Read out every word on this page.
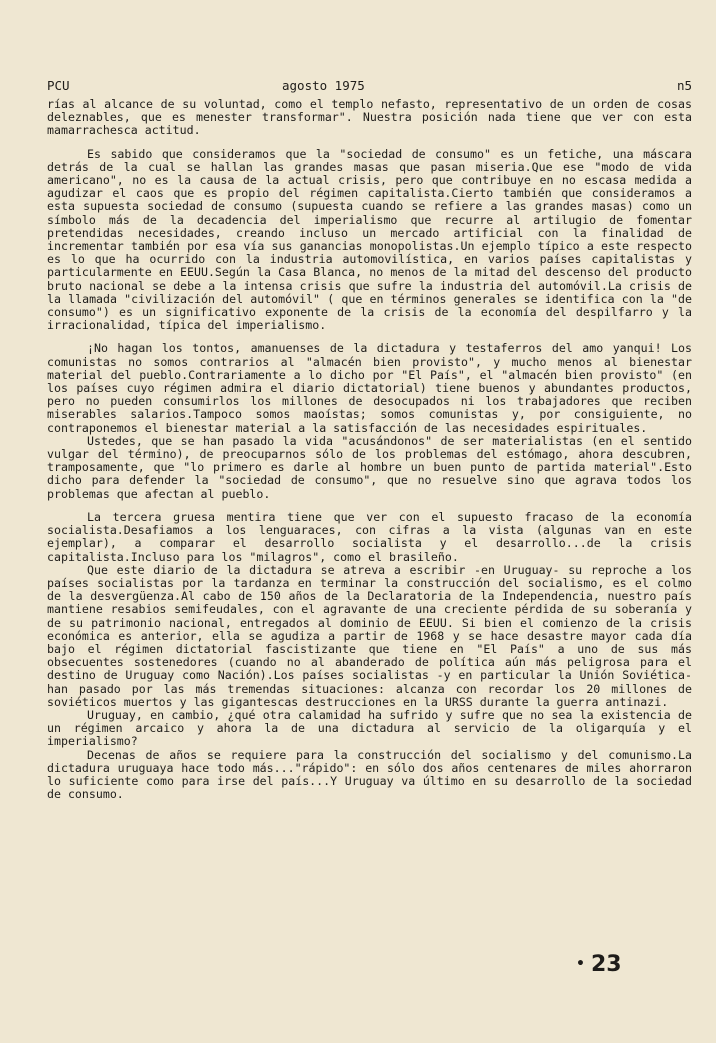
PCU	agosto 1975	n5

rías al alcance de su voluntad, como el templo nefasto, representativo de un orden de cosas deleznables, que es menester transformar". Nuestra posición nada tiene que ver con esta mamarrachesca actitud.

Es sabido que consideramos que la "sociedad de consumo" es un fetiche, una máscara detrás de la cual se hallan las grandes masas que pasan miseria.Que ese "modo de vida americano", no es la causa de la actual crisis, pero que contribuye en no escasa medida a agudizar el caos que es propio del régimen capitalista.Cierto también que consideramos a esta supuesta sociedad de consumo (supuesta cuando se refiere a las grandes masas) como un símbolo más de la decadencia del imperialismo que recurre al artilugio de fomentar pretendidas necesidades, creando incluso un mercado artificial con la finalidad de incrementar también por esa vía sus ganancias monopolistas.Un ejemplo típico a este respecto es lo que ha ocurrido con la industria automovilística, en varios países capitalistas y particularmente en EEUU.Según la Casa Blanca, no menos de la mitad del descenso del producto bruto nacional se debe a la intensa crisis que sufre la industria del automóvil.La crisis de la llamada "civilización del automóvil" ( que en términos generales se identifica con la "de consumo") es un significativo exponente de la crisis de la economía del despilfarro y la irracionalidad, típica del imperialismo.

¡No hagan los tontos, amanuenses de la dictadura y testaferros del amo yanqui! Los comunistas no somos contrarios al "almacén bien provisto", y mucho menos al bienestar material del pueblo.Contrariamente a lo dicho por "El País", el "almacén bien provisto" (en los países cuyo régimen admira el diario dictatorial) tiene buenos y abundantes productos, pero no pueden consumirlos los millones de desocupados ni los trabajadores que reciben miserables salarios.Tampoco somos maoístas; somos comunistas y, por consiguiente, no contraponemos el bienestar material a la satisfacción de las necesidades espirituales.

Ustedes, que se han pasado la vida "acusándonos" de ser materialistas (en el sentido vulgar del término), de preocuparnos sólo de los problemas del estómago, ahora descubren, tramposamente, que "lo primero es darle al hombre un buen punto de partida material".Esto dicho para defender la "sociedad de consumo", que no resuelve sino que agrava todos los problemas que afectan al pueblo.

La tercera gruesa mentira tiene que ver con el supuesto fracaso de la economía socialista.Desafiamos a los lenguaraces, con cifras a la vista (algunas van en este ejemplar), a comparar el desarrollo socialista y el desarrollo...de la crisis capitalista.Incluso para los "milagros", como el brasileño.

Que este diario de la dictadura se atreva a escribir -en Uruguay- su reproche a los países socialistas por la tardanza en terminar la construcción del socialismo, es el colmo de la desvergüenza.Al cabo de 150 años de la Declaratoria de la Independencia, nuestro país mantiene resabios semifeudales, con el agravante de una creciente pérdida de su soberanía y de su patrimonio nacional, entregados al dominio de EEUU. Si bien el comienzo de la crisis económica es anterior, ella se agudiza a partir de 1968 y se hace desastre mayor cada día bajo el régimen dictatorial fascistizante que tiene en "El País" a uno de sus más obsecuentes sostenedores (cuando no al abanderado de política aún más peligrosa para el destino de Uruguay como Nación).Los países socialistas -y en particular la Unión Soviética- han pasado por las más tremendas situaciones: alcanza con recordar los 20 millones de soviéticos muertos y las gigantescas destrucciones en la URSS durante la guerra antinazi.

Uruguay, en cambio, ¿qué otra calamidad ha sufrido y sufre que no sea la existencia de un régimen arcaico y ahora la de una dictadura al servicio de la oligarquía y el imperialismo?

Decenas de años se requiere para la construcción del socialismo y del comunismo.La dictadura uruguaya hace todo más..."rápido": en sólo dos años centenares de miles ahorraron lo suficiente como para irse del país...Y Uruguay va último en su desarrollo de la sociedad de consumo.

• 23
